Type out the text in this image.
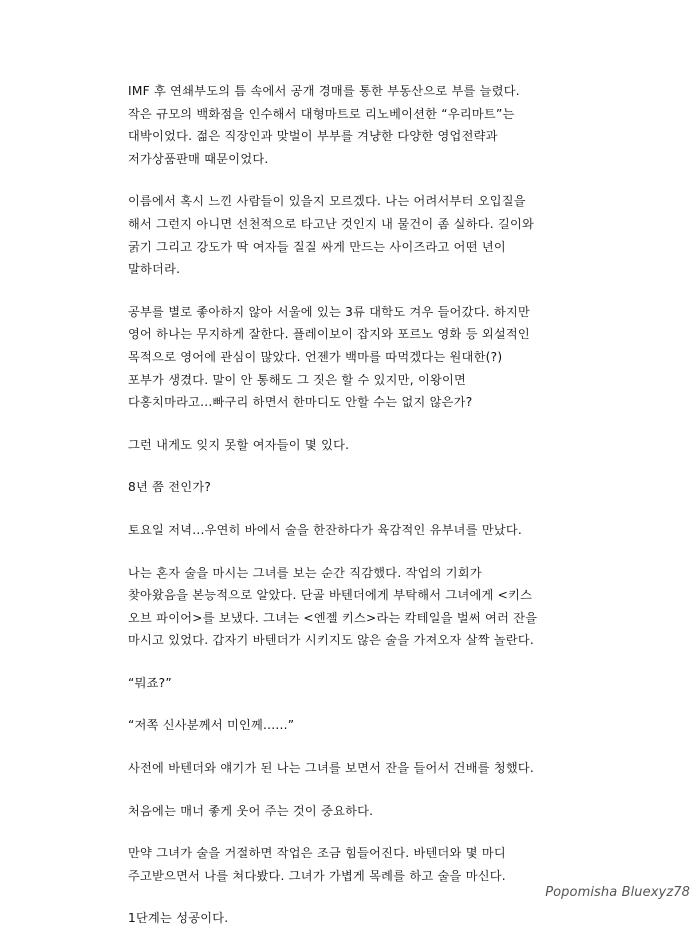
IMF 후 연쇄부도의 틈 속에서 공개 경매를 통한 부동산으로 부를 늘렸다.
작은 규모의 백화점을 인수해서 대형마트로 리노베이션한 “우리마트”는
대박이었다. 젊은 직장인과 맞벌이 부부를 겨냥한 다양한 영업전략과
저가상품판매 때문이었다.

이름에서 혹시 느낀 사람들이 있을지 모르겠다. 나는 어려서부터 오입질을
해서 그런지 아니면 선천적으로 타고난 것인지 내 물건이 좀 실하다. 길이와
굵기 그리고 강도가 딱 여자들 질질 싸게 만드는 사이즈라고 어떤 년이
말하더라.

공부를 별로 좋아하지 않아 서울에 있는 3류 대학도 겨우 들어갔다. 하지만
영어 하나는 무지하게 잘한다. 플레이보이 잡지와 포르노 영화 등 외설적인
목적으로 영어에 관심이 많았다. 언젠가 백마를 따먹겠다는 원대한(?)
포부가 생겼다. 말이 안 통해도 그 짓은 할 수 있지만, 이왕이면
다홍치마라고...빠구리 하면서 한마디도 안할 수는 없지 않은가?

그런 내게도 잊지 못할 여자들이 몇 있다.

8년 쯤 전인가?

토요일 저녁...우연히 바에서 술을 한잔하다가 육감적인 유부녀를 만났다.

나는 혼자 술을 마시는 그녀를 보는 순간 직감했다. 작업의 기회가
찾아왔음을 본능적으로 알았다. 단골 바텐더에게 부탁해서 그녀에게 <키스
오브 파이어>를 보냈다. 그녀는 <엔젤 키스>라는 칵테일을 벌써 여러 잔을
마시고 있었다. 갑자기 바텐더가 시키지도 않은 술을 가져오자 살짝 놀란다.

“뭐죠?”

“저쪽 신사분께서 미인께......”

사전에 바텐더와 얘기가 된 나는 그녀를 보면서 잔을 들어서 건배를 청했다.

처음에는 매너 좋게 웃어 주는 것이 중요하다.

만약 그녀가 술을 거절하면 작업은 조금 힘들어진다. 바텐더와 몇 마디
주고받으면서 나를 쳐다봤다. 그녀가 가볍게 목례를 하고 술을 마신다.

1단계는 성공이다.

Popomisha Bluexyz78
